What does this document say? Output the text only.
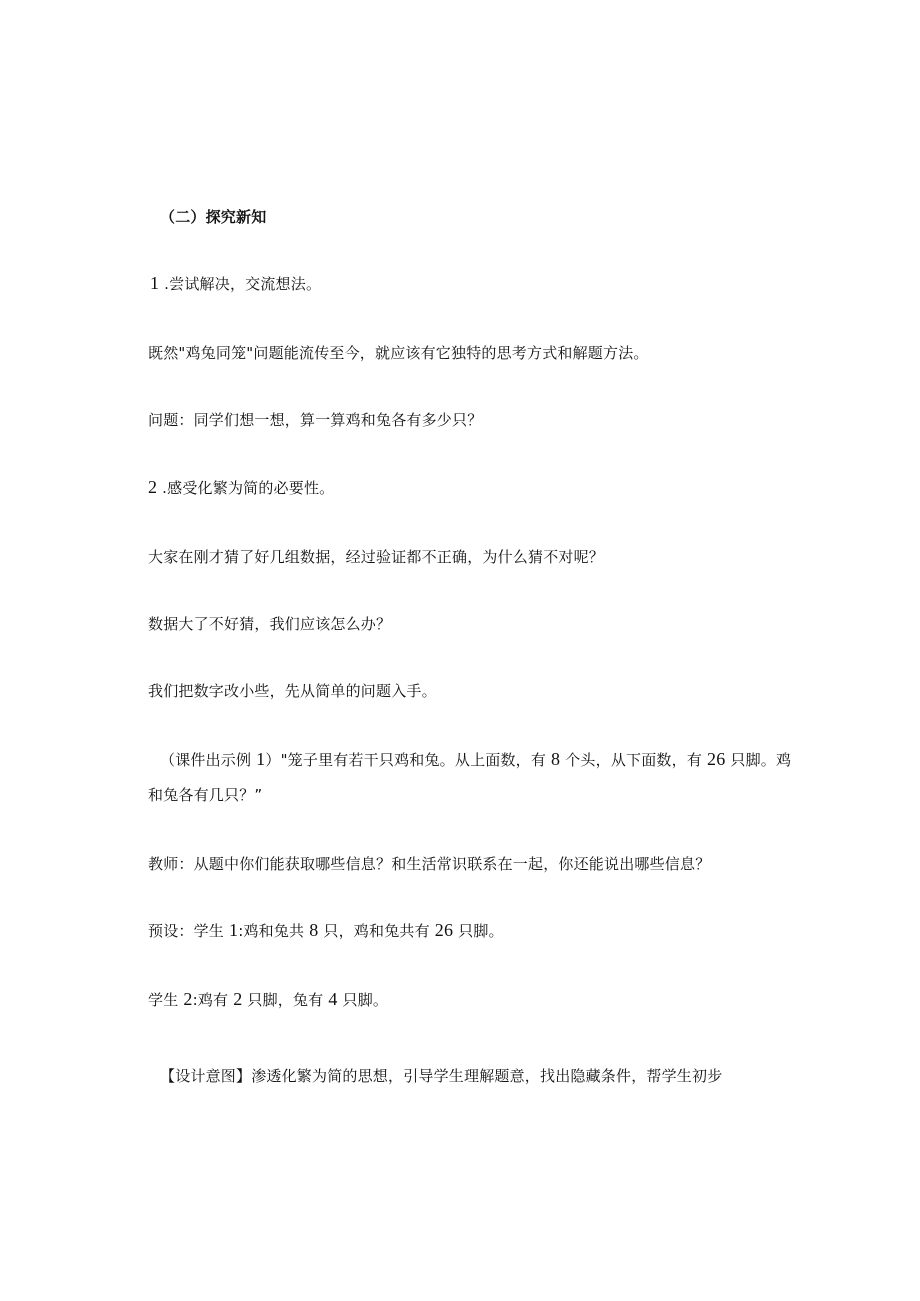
（二）探究新知
1 .尝试解决，交流想法。
既然"鸡兔同笼"问题能流传至今，就应该有它独特的思考方式和解题方法。
问题：同学们想一想，算一算鸡和兔各有多少只？
2 .感受化繁为简的必要性。
大家在刚才猜了好几组数据，经过验证都不正确，为什么猜不对呢？
数据大了不好猜，我们应该怎么办？
我们把数字改小些，先从简单的问题入手。
（课件出示例 1）"笼子里有若干只鸡和兔。从上面数，有 8 个头，从下面数，有 26 只脚。鸡
和兔各有几只？”
教师：从题中你们能获取哪些信息？和生活常识联系在一起，你还能说出哪些信息？
预设：学生 1:鸡和兔共 8 只，鸡和兔共有 26 只脚。
学生 2:鸡有 2 只脚，兔有 4 只脚。
【设计意图】渗透化繁为简的思想，引导学生理解题意，找出隐藏条件，帮学生初步
